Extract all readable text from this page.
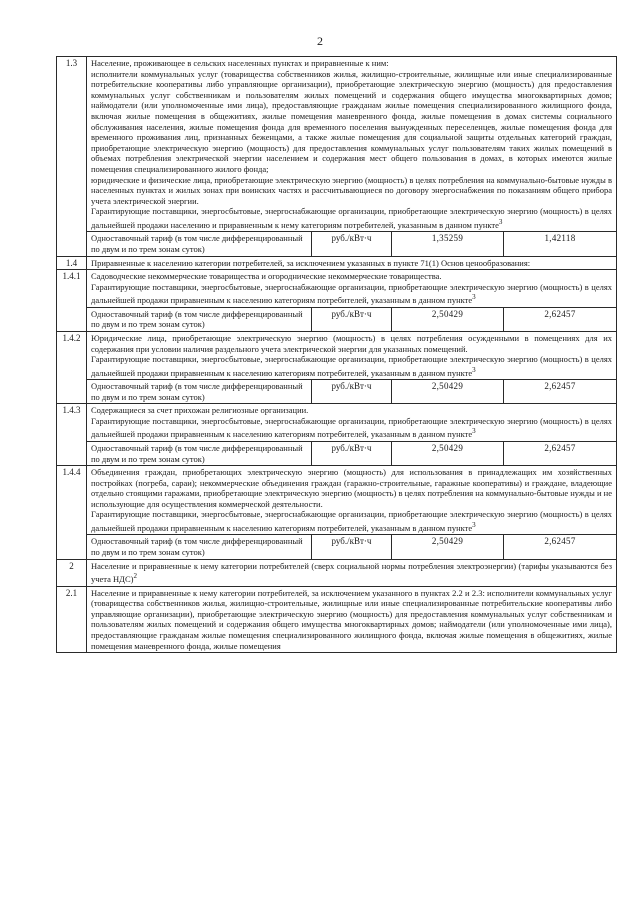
2
1.3	Население, проживающее в сельских населенных пунктах и приравненные к ним:

исполнители коммунальных услуг (товарищества собственников жилья, жилищно-строительные, жилищные или иные специализированные потребительские кооперативы либо управляющие организации), приобретающие электрическую энергию (мощность) для предоставления коммунальных услуг собственникам и пользователям жилых помещений и содержания общего имущества многоквартирных домов; наймодатели (или уполномоченные ими лица), предоставляющие гражданам жилые помещения специализированного жилищного фонда, включая жилые помещения в общежитиях, жилые помещения маневренного фонда, жилые помещения в домах системы социального обслуживания населения, жилые помещения фонда для временного поселения вынужденных переселенцев, жилые помещения фонда для временного проживания лиц, признанных беженцами, а также жилые помещения для социальной защиты отдельных категорий граждан, приобретающие электрическую энергию (мощность) для предоставления коммунальных услуг пользователям таких жилых помещений в объемах потребления электрической энергии населением и содержания мест общего пользования в домах, в которых имеются жилые помещения специализированного жилого фонда;

юридические и физические лица, приобретающие электрическую энергию (мощность) в целях потребления на коммунально-бытовые нужды в населенных пунктах и жилых зонах при воинских частях и рассчитывающиеся по договору энергоснабжения по показаниям общего прибора учета электрической энергии.

Гарантирующие поставщики, энергосбытовые, энергоснабжающие организации, приобретающие электрическую энергию (мощность) в целях дальнейшей продажи населению и приравненным к нему категориям потребителей, указанным в данном пункте$^3$

	Одноставочный тариф (в том числе дифференцированный по двум и по трем зонам суток)	руб./кВт·ч	1,35259	1,42118
1.4	Приравненные к населению категории потребителей, за исключением указанных в пункте 71(1) Основ ценообразования:			

1.4.1	Садоводческие некоммерческие товарищества и огороднические некоммерческие товарищества.

Гарантирующие поставщики, энергосбытовые, энергоснабжающие организации, приобретающие электрическую энергию (мощность) в целях дальнейшей продажи приравненным к населению категориям потребителей, указанным в данном пункте$^3$

	Одноставочный тариф (в том числе дифференцированный по двум и по трем зонам суток)	руб./кВт·ч	2,50429	2,62457
1.4.2	Юридические лица, приобретающие электрическую энергию (мощность) в целях потребления осужденными в помещениях для их содержания при условии наличия раздельного учета электрической энергии для указанных помещений.

Гарантирующие поставщики, энергосбытовые, энергоснабжающие организации, приобретающие электрическую энергию (мощность) в целях дальнейшей продажи приравненным к населению категориям потребителей, указанным в данном пункте$^3$

	Одноставочный тариф (в том числе дифференцированный по двум и по трем зонам суток)	руб./кВт·ч	2,50429	2,62457
1.4.3	Содержащиеся за счет прихожан религиозные организации.

Гарантирующие поставщики, энергосбытовые, энергоснабжающие организации, приобретающие электрическую энергию (мощность) в целях дальнейшей продажи приравненным к населению категориям потребителей, указанным в данном пункте$^3$

	Одноставочный тариф (в том числе дифференцированный по двум и по трем зонам суток)	руб./кВт·ч	2,50429	2,62457
1.4.4	Объединения граждан, приобретающих электрическую энергию (мощность) для использования в принадлежащих им хозяйственных постройках (погреба, сараи); некоммерческие объединения граждан (гаражно-строительные, гаражные кооперативы) и граждане, владеющие отдельно стоящими гаражами, приобретающие электрическую энергию (мощность) в целях потребления на коммунально-бытовые нужды и не использующие для осуществления коммерческой деятельности.

Гарантирующие поставщики, энергосбытовые, энергоснабжающие организации, приобретающие электрическую энергию (мощность) в целях дальнейшей продажи приравненным к населению категориям потребителей, указанным в данном пункте$^3$

	Одноставочный тариф (в том числе дифференцированный по двум и по трем зонам суток)	руб./кВт·ч	2,50429	2,62457
2	Население и приравненные к нему категории потребителей (сверх социальной нормы потребления электроэнергии) (тарифы указываются без учета НДС)$^2$

2.1	Население и приравненные к нему категории потребителей, за исключением указанного в пунктах 2.2 и 2.3: исполнители коммунальных услуг (товарищества собственников жилья, жилищно-строительные, жилищные или иные специализированные потребительские кооперативы либо управляющие организации), приобретающие электрическую энергию (мощность) для предоставления коммунальных услуг собственникам и пользователям жилых помещений и содержания общего имущества многоквартирных домов; наймодатели (или уполномоченные ими лица), предоставляющие гражданам жилые помещения специализированного жилищного фонда, включая жилые помещения в общежитиях, жилые помещения маневренного фонда, жилые помещения			
